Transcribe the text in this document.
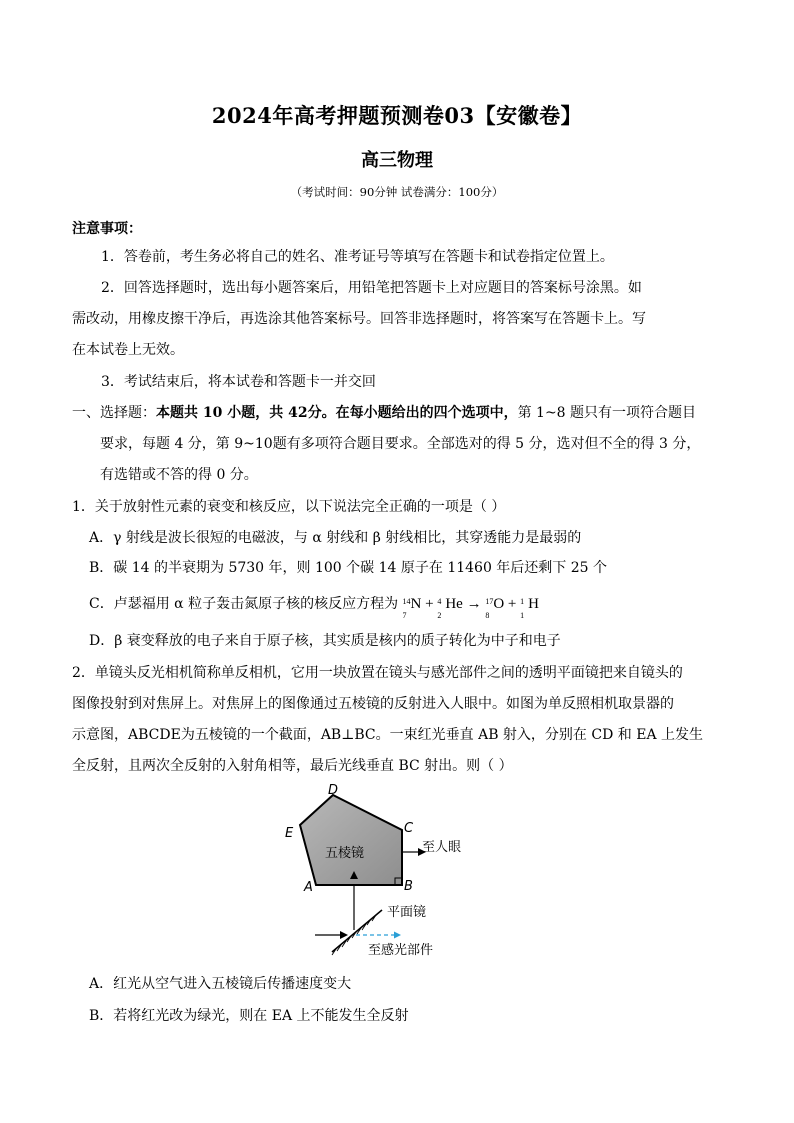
2024年高考押题预测卷03【安徽卷】
高三物理
（考试时间：90分钟 试卷满分：100分）
注意事项：
1．答卷前，考生务必将自己的姓名、准考证号等填写在答题卡和试卷指定位置上。
2．回答选择题时，选出每小题答案后，用铅笔把答题卡上对应题目的答案标号涂黑。如
需改动，用橡皮擦干净后，再选涂其他答案标号。回答非选择题时，将答案写在答题卡上。写
在本试卷上无效。
3．考试结束后，将本试卷和答题卡一并交回
一、选择题：本题共 10 小题，共 42分。在每小题给出的四个选项中，第 1~8 题只有一项符合题目
要求，每题 4 分，第 9~10题有多项符合题目要求。全部选对的得 5 分，选对但不全的得 3 分，
有选错或不答的得 0 分。
1．关于放射性元素的衰变和核反应，以下说法完全正确的一项是（ ）
A．γ 射线是波长很短的电磁波，与 α 射线和 β 射线相比，其穿透能力是最弱的
B．碳 14 的半衰期为 5730 年，则 100 个碳 14 原子在 11460 年后还剩下 25 个
C．卢瑟福用 α 粒子轰击氮原子核的核反应方程为 14
7
N + 4
2
He → 17
8
O + 1
1
H
D．β 衰变释放的电子来自于原子核，其实质是核内的质子转化为中子和电子
2．单镜头反光相机简称单反相机，它用一块放置在镜头与感光部件之间的透明平面镜把来自镜头的
图像投射到对焦屏上。对焦屏上的图像通过五棱镜的反射进入人眼中。如图为单反照相机取景器的
示意图，ABCDE为五棱镜的一个截面，AB⊥BC。一束红光垂直 AB 射入，分别在 CD 和 EA 上发生
全反射，且两次全反射的入射角相等，最后光线垂直 BC 射出。则（ ）
D
C
E
A	B
五棱镜	至人眼
平面镜
至感光部件
A．红光从空气进入五棱镜后传播速度变大
B．若将红光改为绿光，则在 EA 上不能发生全反射
